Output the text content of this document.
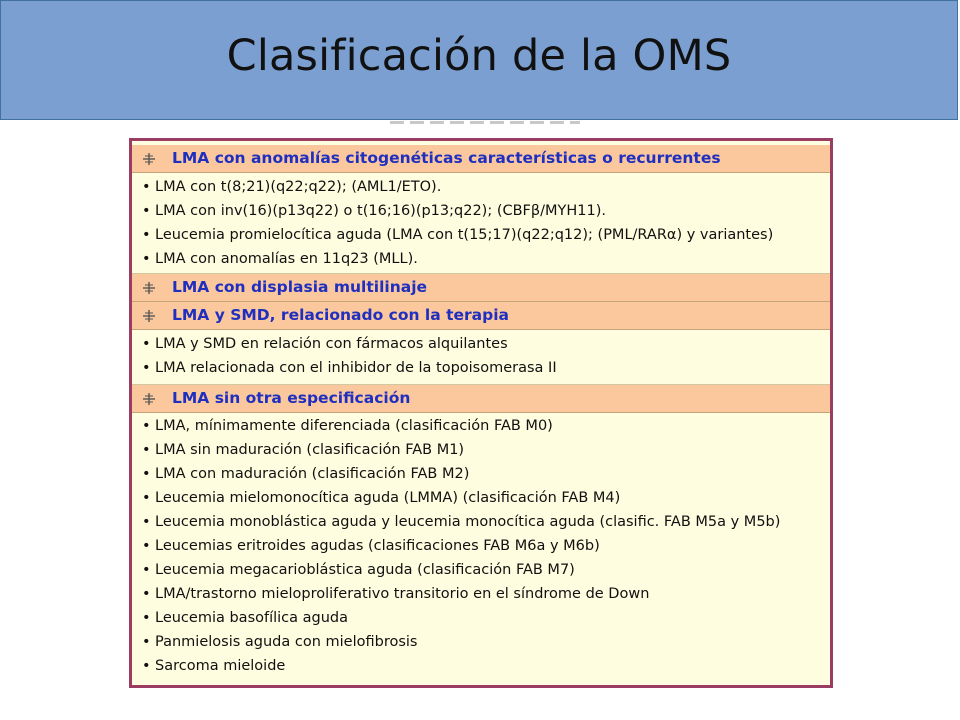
Clasificación de la OMS
LMA con anomalías citogenéticas características o recurrentes
• LMA con t(8;21)(q22;q22); (AML1/ETO).
• LMA con inv(16)(p13q22) o t(16;16)(p13;q22); (CBFβ/MYH11).
• Leucemia promielocítica aguda (LMA con t(15;17)(q22;q12); (PML/RARα) y variantes)
• LMA con anomalías en 11q23 (MLL).
LMA con displasia multilinaje
LMA y SMD, relacionado con la terapia
• LMA y SMD en relación con fármacos alquilantes
• LMA relacionada con el inhibidor de la topoisomerasa II
LMA sin otra especificación
• LMA, mínimamente diferenciada (clasificación FAB M0)
• LMA sin maduración (clasificación FAB M1)
• LMA con maduración (clasificación FAB M2)
• Leucemia mielomonocítica aguda (LMMA) (clasificación FAB M4)
• Leucemia monoblástica aguda y leucemia monocítica aguda (clasific. FAB M5a y M5b)
• Leucemias eritroides agudas (clasificaciones FAB M6a y M6b)
• Leucemia megacarioblástica aguda (clasificación FAB M7)
• LMA/trastorno mieloproliferativo transitorio en el síndrome de Down
• Leucemia basofílica aguda
• Panmielosis aguda con mielofibrosis
• Sarcoma mieloide
